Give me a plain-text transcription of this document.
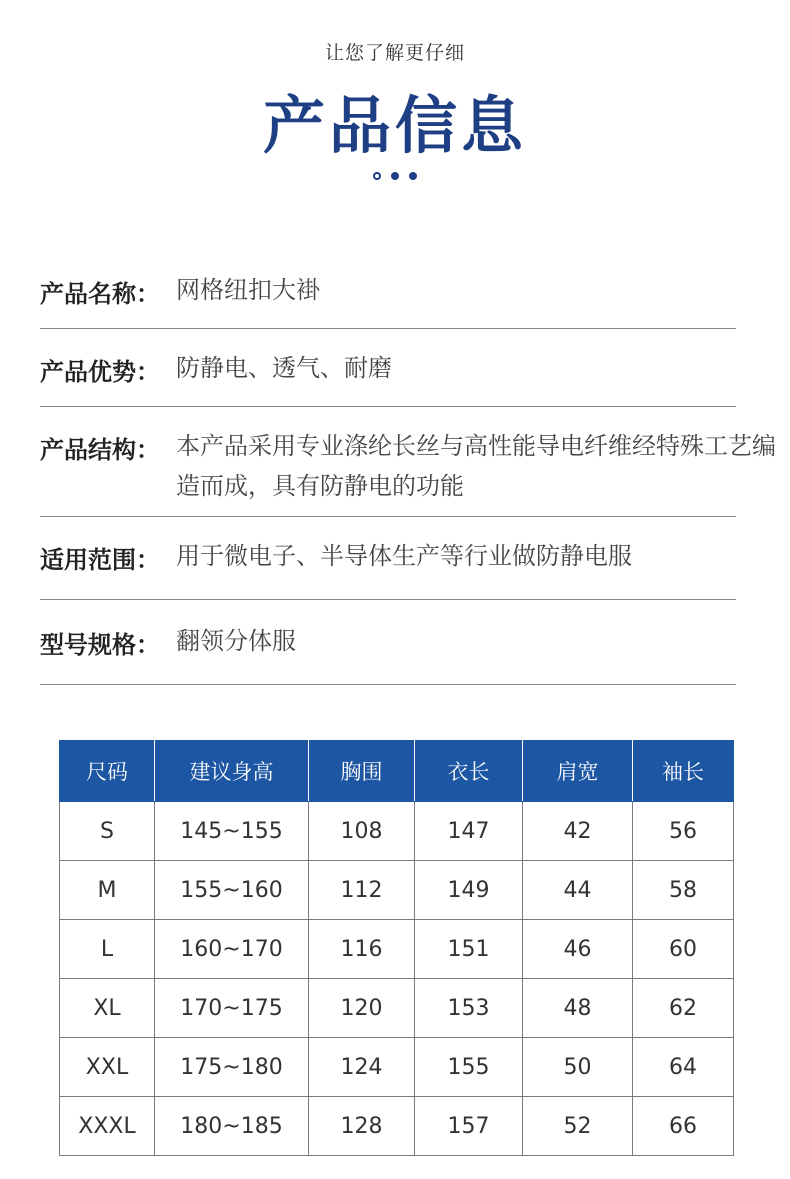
让您了解更仔细
产品信息
产品名称： 网格纽扣大褂
产品优势： 防静电、透气、耐磨
产品结构： 本产品采用专业涤纶长丝与高性能导电纤维经特殊工艺编造而成，具有防静电的功能
适用范围： 用于微电子、半导体生产等行业做防静电服
型号规格： 翻领分体服
尺码	建议身高	胸围	衣长	肩宽	袖长
S	145~155	108	147	42	56
M	155~160	112	149	44	58
L	160~170	116	151	46	60
XL	170~175	120	153	48	62
XXL	175~180	124	155	50	64
XXXL	180~185	128	157	52	66
